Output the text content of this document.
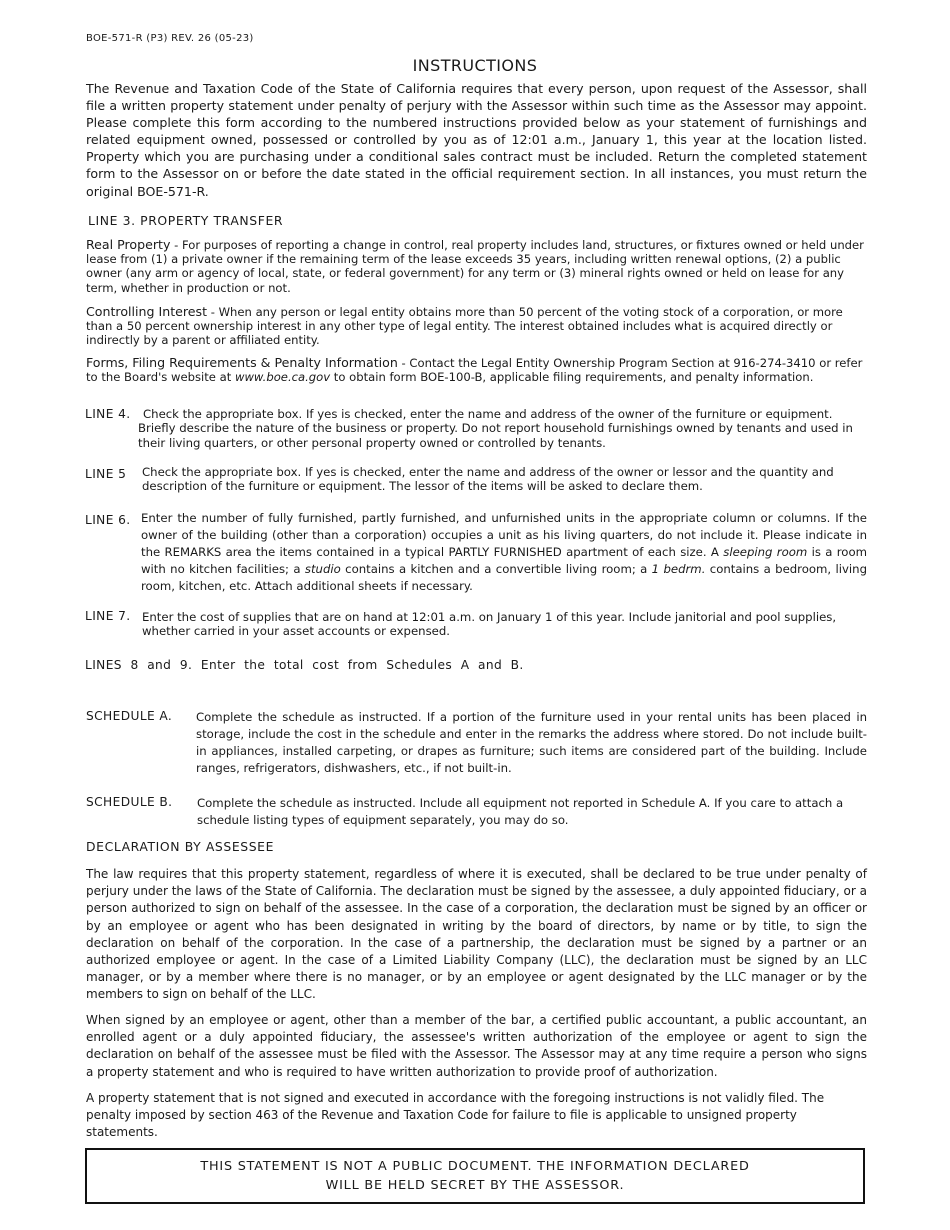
BOE-571-R (P3) REV. 26 (05-23)
INSTRUCTIONS
The Revenue and Taxation Code of the State of California requires that every person, upon request of the Assessor, shall file a written property statement under penalty of perjury with the Assessor within such time as the Assessor may appoint. Please complete this form according to the numbered instructions provided below as your statement of furnishings and related equipment owned, possessed or controlled by you as of 12:01 a.m., January 1, this year at the location listed. Property which you are purchasing under a conditional sales contract must be included. Return the completed statement form to the Assessor on or before the date stated in the official requirement section. In all instances, you must return the original BOE-571-R.
LINE 3. PROPERTY TRANSFER
Real Property - For purposes of reporting a change in control, real property includes land, structures, or fixtures owned or held under lease from (1) a private owner if the remaining term of the lease exceeds 35 years, including written renewal options, (2) a public owner (any arm or agency of local, state, or federal government) for any term or (3) mineral rights owned or held on lease for any term, whether in production or not.
Controlling Interest - When any person or legal entity obtains more than 50 percent of the voting stock of a corporation, or more than a 50 percent ownership interest in any other type of legal entity. The interest obtained includes what is acquired directly or indirectly by a parent or affiliated entity.
Forms, Filing Requirements & Penalty Information - Contact the Legal Entity Ownership Program Section at 916-274-3410 or refer to the Board's website at www.boe.ca.gov to obtain form BOE-100-B, applicable filing requirements, and penalty information.
LINE 4.	Check the appropriate box. If yes is checked, enter the name and address of the owner of the furniture or equipment. Briefly describe the nature of the business or property. Do not report household furnishings owned by tenants and used in their living quarters, or other personal property owned or controlled by tenants.
LINE 5 Check the appropriate box. If yes is checked, enter the name and address of the owner or lessor and the quantity and description of the furniture or equipment. The lessor of the items will be asked to declare them.
LINE 6. Enter the number of fully furnished, partly furnished, and unfurnished units in the appropriate column or columns. If the owner of the building (other than a corporation) occupies a unit as his living quarters, do not include it. Please indicate in the REMARKS area the items contained in a typical PARTLY FURNISHED apartment of each size. A sleeping room is a room with no kitchen facilities; a studio contains a kitchen and a convertible living room; a 1 bedrm. contains a bedroom, living room, kitchen, etc. Attach additional sheets if necessary.
LINE 7. Enter the cost of supplies that are on hand at 12:01 a.m. on January 1 of this year. Include janitorial and pool supplies, whether carried in your asset accounts or expensed.
LINES  8  and  9.  Enter  the  total  cost  from  Schedules  A  and  B.
SCHEDULE A. Complete the schedule as instructed. If a portion of the furniture used in your rental units has been placed in storage, include the cost in the schedule and enter in the remarks the address where stored. Do not include built-in appliances, installed carpeting, or drapes as furniture; such items are considered part of the building. Include ranges, refrigerators, dishwashers, etc., if not built-in.
SCHEDULE B. Complete the schedule as instructed. Include all equipment not reported in Schedule A. If you care to attach a schedule listing types of equipment separately, you may do so.
DECLARATION BY ASSESSEE
The law requires that this property statement, regardless of where it is executed, shall be declared to be true under penalty of perjury under the laws of the State of California. The declaration must be signed by the assessee, a duly appointed fiduciary, or a person authorized to sign on behalf of the assessee. In the case of a corporation, the declaration must be signed by an officer or by an employee or agent who has been designated in writing by the board of directors, by name or by title, to sign the declaration on behalf of the corporation. In the case of a partnership, the declaration must be signed by a partner or an authorized employee or agent. In the case of a Limited Liability Company (LLC), the declaration must be signed by an LLC manager, or by a member where there is no manager, or by an employee or agent designated by the LLC manager or by the members to sign on behalf of the LLC.
When signed by an employee or agent, other than a member of the bar, a certified public accountant, a public accountant, an enrolled agent or a duly appointed fiduciary, the assessee's written authorization of the employee or agent to sign the declaration on behalf of the assessee must be filed with the Assessor. The Assessor may at any time require a person who signs a property statement and who is required to have written authorization to provide proof of authorization.
A property statement that is not signed and executed in accordance with the foregoing instructions is not validly filed. The penalty imposed by section 463 of the Revenue and Taxation Code for failure to file is applicable to unsigned property statements.
THIS STATEMENT IS NOT A PUBLIC DOCUMENT. THE INFORMATION DECLARED
WILL BE HELD SECRET BY THE ASSESSOR.
